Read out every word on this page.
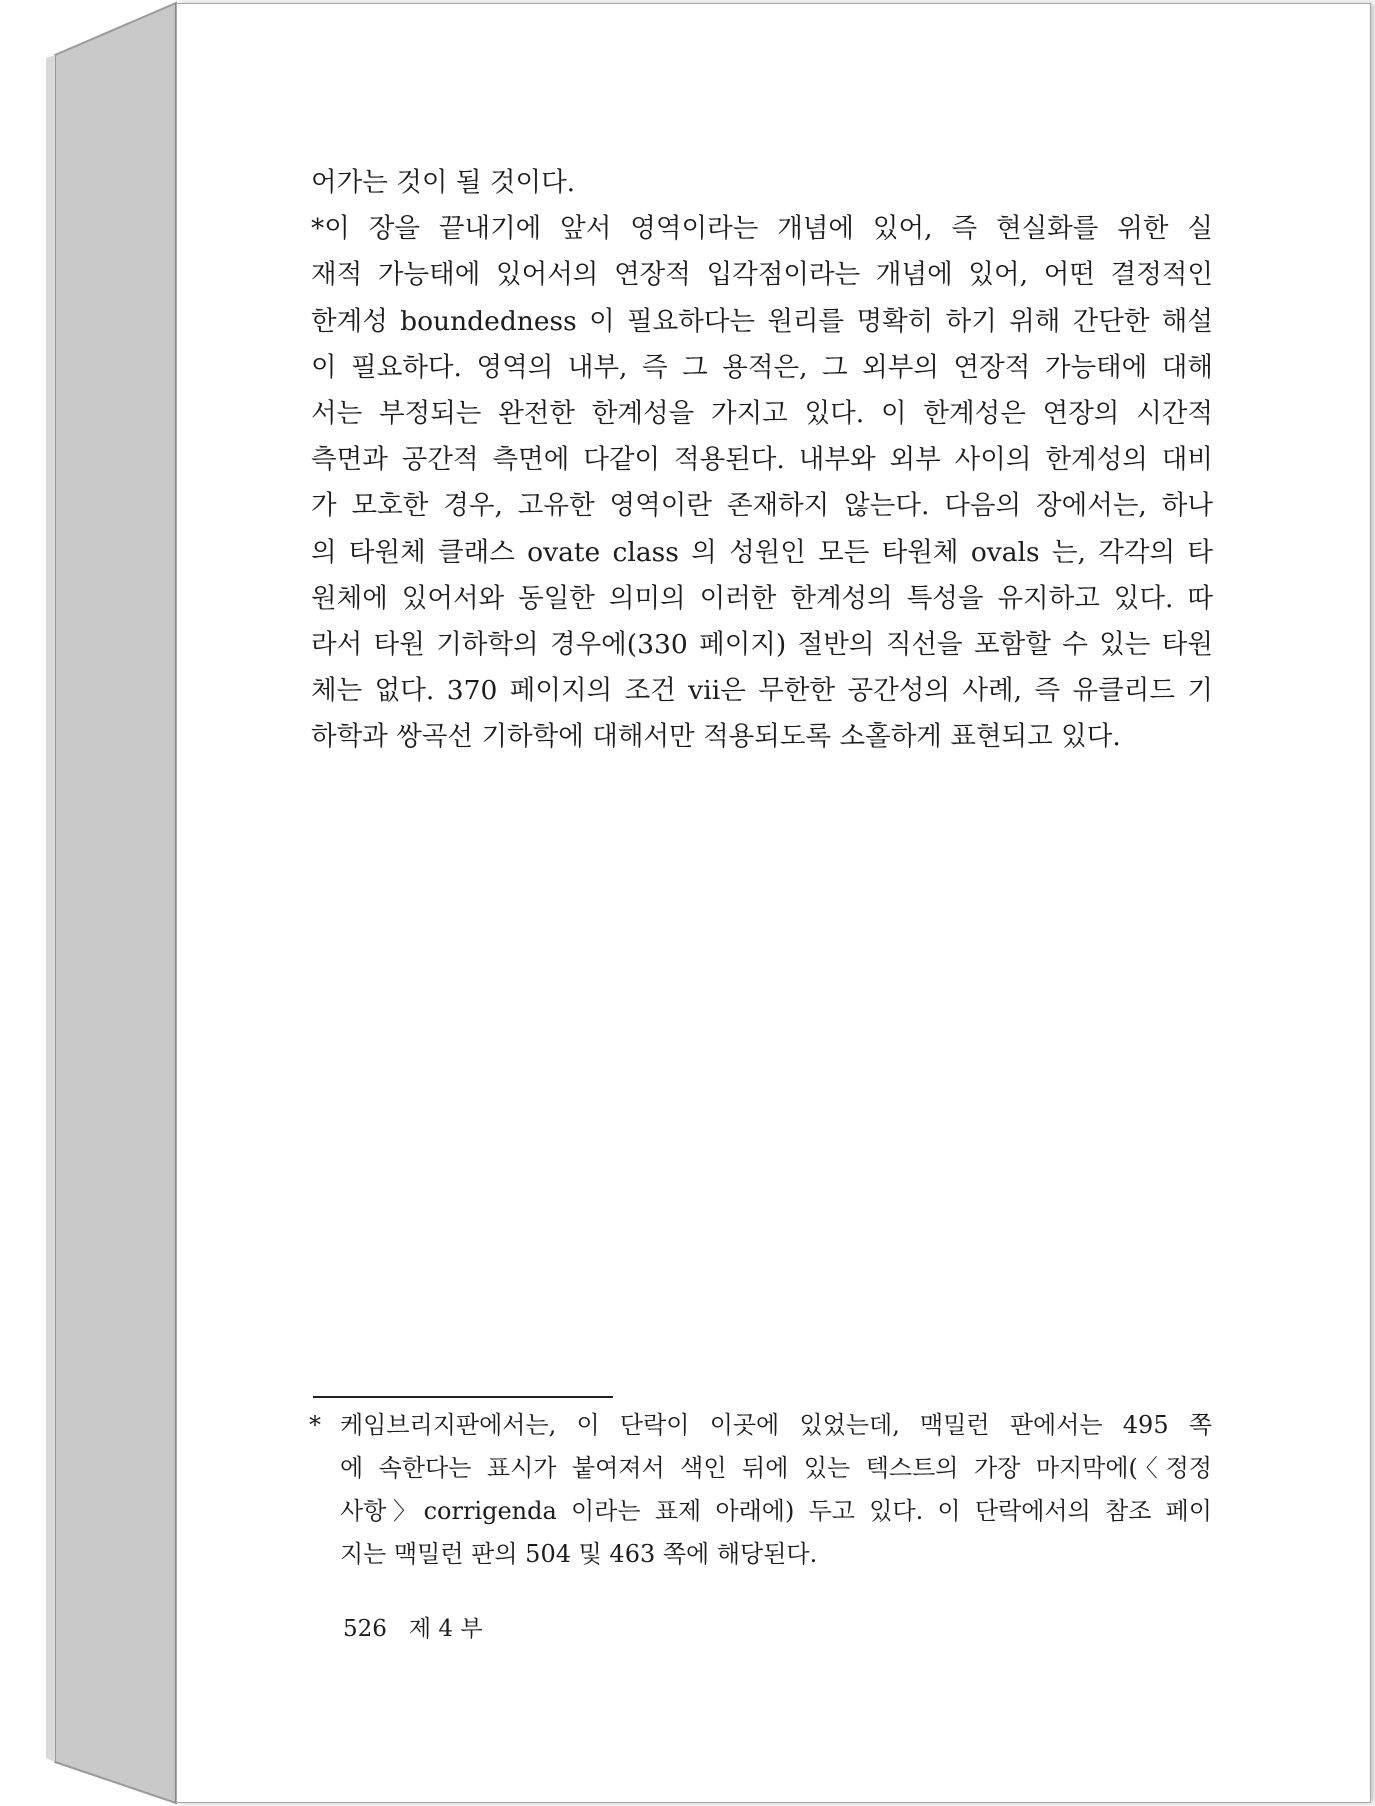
어가는 것이 될 것이다.
*이 장을 끝내기에 앞서 영역이라는 개념에 있어, 즉 현실화를 위한 실
재적 가능태에 있어서의 연장적 입각점이라는 개념에 있어, 어떤 결정적인
한계성 boundedness 이 필요하다는 원리를 명확히 하기 위해 간단한 해설
이 필요하다. 영역의 내부, 즉 그 용적은, 그 외부의 연장적 가능태에 대해
서는 부정되는 완전한 한계성을 가지고 있다. 이 한계성은 연장의 시간적
측면과 공간적 측면에 다같이 적용된다. 내부와 외부 사이의 한계성의 대비
가 모호한 경우, 고유한 영역이란 존재하지 않는다. 다음의 장에서는, 하나
의 타원체 클래스 ovate class 의 성원인 모든 타원체 ovals 는, 각각의 타
원체에 있어서와 동일한 의미의 이러한 한계성의 특성을 유지하고 있다. 따
라서 타원 기하학의 경우에(330 페이지) 절반의 직선을 포함할 수 있는 타원
체는 없다. 370 페이지의 조건 vii은 무한한 공간성의 사례, 즉 유클리드 기
하학과 쌍곡선 기하학에 대해서만 적용되도록 소홀하게 표현되고 있다.
* 케임브리지판에서는, 이 단락이 이곳에 있었는데, 맥밀런 판에서는 495 쪽
에 속한다는 표시가 붙여져서 색인 뒤에 있는 텍스트의 가장 마지막에(〈정정
사항〉corrigenda 이라는 표제 아래에) 두고 있다. 이 단락에서의 참조 페이
지는 맥밀런 판의 504 및 463 쪽에 해당된다.
526 제 4 부
